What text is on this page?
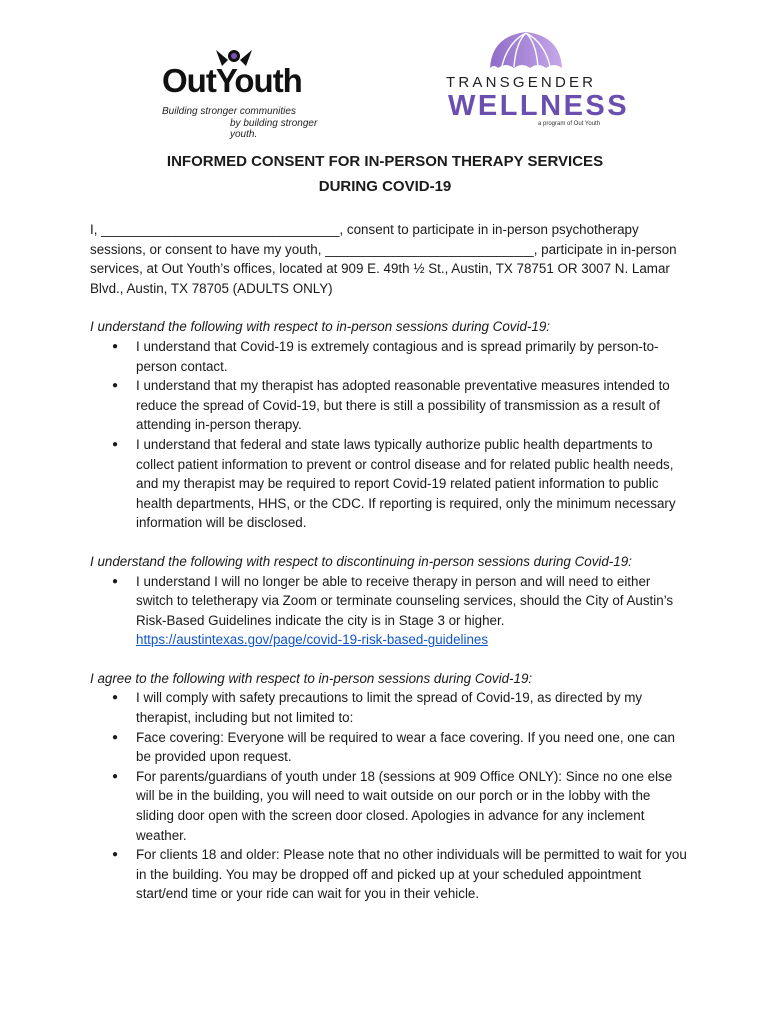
OutYouth
Building stronger communities
by building stronger youth.
TRANSGENDER
WELLNESS
a program of Out Youth
INFORMED CONSENT FOR IN-PERSON THERAPY SERVICES
DURING COVID-19

I, ________________________________, consent to participate in in-person psychotherapy sessions, or consent to have my youth, ____________________________, participate in in-person services, at Out Youth’s offices, located at 909 E. 49th ½ St., Austin, TX 78751 OR 3007 N. Lamar Blvd., Austin, TX 78705 (ADULTS ONLY)

I understand the following with respect to in-person sessions during Covid-19:

● I understand that Covid-19 is extremely contagious and is spread primarily by person-to-person contact.
● I understand that my therapist has adopted reasonable preventative measures intended to reduce the spread of Covid-19, but there is still a possibility of transmission as a result of attending in-person therapy.
● I understand that federal and state laws typically authorize public health departments to collect patient information to prevent or control disease and for related public health needs, and my therapist may be required to report Covid-19 related patient information to public health departments, HHS, or the CDC. If reporting is required, only the minimum necessary information will be disclosed.

I understand the following with respect to discontinuing in-person sessions during Covid-19:

● I understand I will no longer be able to receive therapy in person and will need to either switch to teletherapy via Zoom or terminate counseling services, should the City of Austin’s Risk-Based Guidelines indicate the city is in Stage 3 or higher. https://austintexas.gov/page/covid-19-risk-based-guidelines

I agree to the following with respect to in-person sessions during Covid-19:

● I will comply with safety precautions to limit the spread of Covid-19, as directed by my therapist, including but not limited to:
● Face covering: Everyone will be required to wear a face covering. If you need one, one can be provided upon request.
● For parents/guardians of youth under 18 (sessions at 909 Office ONLY): Since no one else will be in the building, you will need to wait outside on our porch or in the lobby with the sliding door open with the screen door closed. Apologies in advance for any inclement weather.
● For clients 18 and older: Please note that no other individuals will be permitted to wait for you in the building. You may be dropped off and picked up at your scheduled appointment start/end time or your ride can wait for you in their vehicle.
